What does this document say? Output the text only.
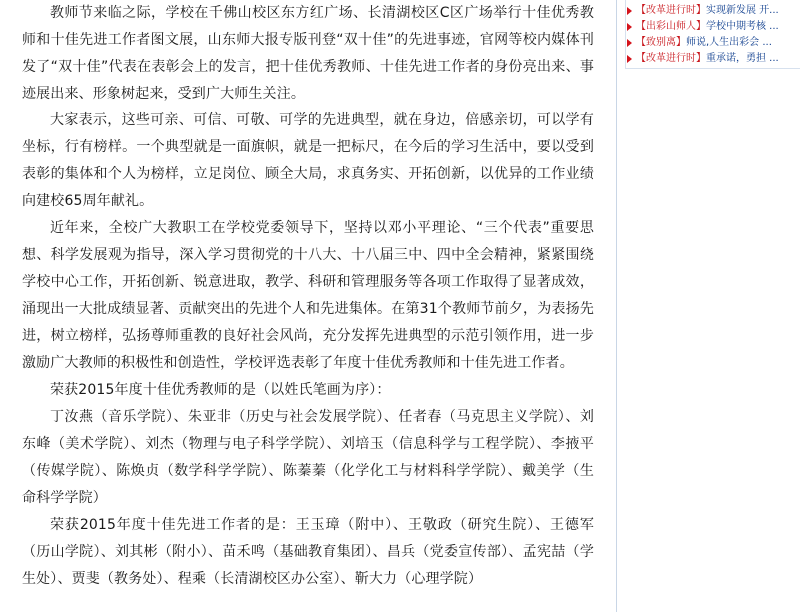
教师节来临之际，学校在千佛山校区东方红广场、长清湖校区C区广场举行十佳优秀教师和十佳先进工作者图文展，山东师大报专版刊登“双十佳”的先进事迹，官网等校内媒体刊发了“双十佳”代表在表彰会上的发言，把十佳优秀教师、十佳先进工作者的身份亮出来、事迹展出来、形象树起来，受到广大师生关注。

大家表示，这些可亲、可信、可敬、可学的先进典型，就在身边，倍感亲切，可以学有坐标，行有榜样。一个典型就是一面旗帜，就是一把标尺，在今后的学习生活中，要以受到表彰的集体和个人为榜样，立足岗位、顾全大局，求真务实、开拓创新，以优异的工作业绩向建校65周年献礼。

近年来，全校广大教职工在学校党委领导下，坚持以邓小平理论、“三个代表”重要思想、科学发展观为指导，深入学习贯彻党的十八大、十八届三中、四中全会精神，紧紧围绕学校中心工作，开拓创新、锐意进取，教学、科研和管理服务等各项工作取得了显著成效，涌现出一大批成绩显著、贡献突出的先进个人和先进集体。在第31个教师节前夕，为表扬先进，树立榜样，弘扬尊师重教的良好社会风尚，充分发挥先进典型的示范引领作用，进一步激励广大教师的积极性和创造性，学校评选表彰了年度十佳优秀教师和十佳先进工作者。

荣获2015年度十佳优秀教师的是（以姓氏笔画为序）：

丁汝燕（音乐学院）、朱亚非（历史与社会发展学院）、任者春（马克思主义学院）、刘东峰（美术学院）、刘杰（物理与电子科学学院）、刘培玉（信息科学与工程学院）、李掖平（传媒学院）、陈焕贞（数学科学学院）、陈蓁蓁（化学化工与材料科学学院）、戴美学（生命科学学院）

荣获2015年度十佳先进工作者的是：王玉璋（附中）、王敬政（研究生院）、王德军（历山学院）、刘其彬（附小）、苗禾鸣（基础教育集团）、昌兵（党委宣传部）、孟宪喆（学生处）、贾斐（教务处）、程乘（长清湖校区办公室）、靳大力（心理学院）

【改革进行时】实现新发展 开...
【出彩山师人】学校中期考核 ...
【致别离】师说,人生出彩会 ...
【改革进行时】重承诺，勇担 ...
